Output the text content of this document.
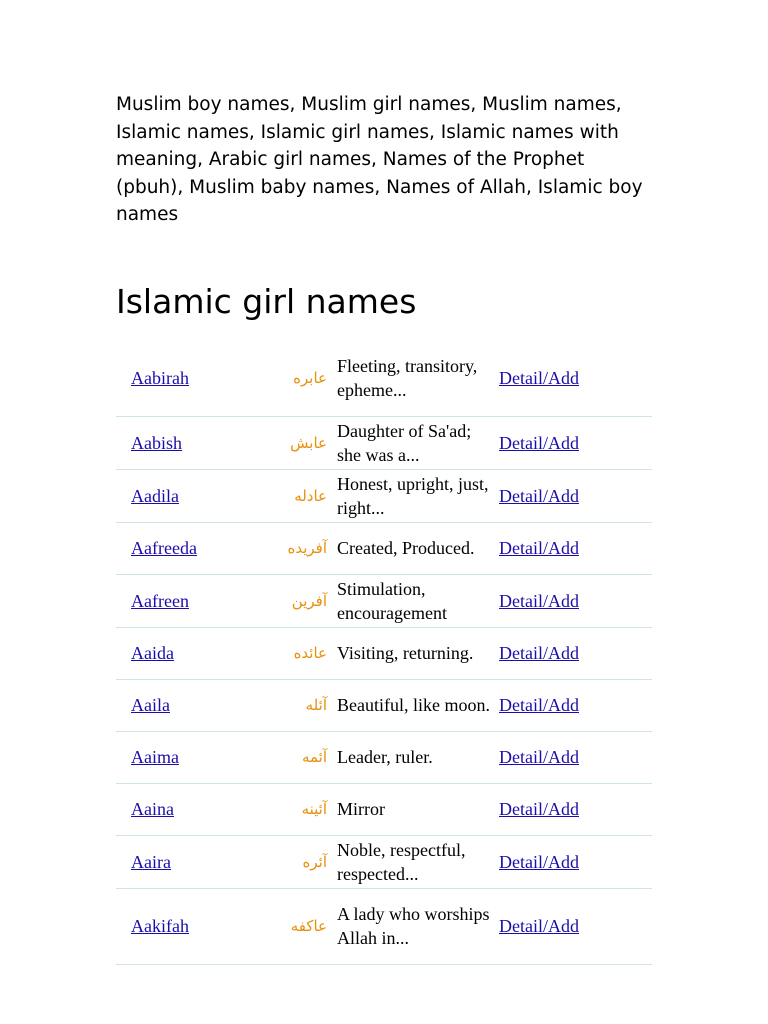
Muslim boy names, Muslim girl names, Muslim names, Islamic names, Islamic girl names, Islamic names with meaning, Arabic girl names, Names of the Prophet (pbuh), Muslim baby names, Names of Allah, Islamic boy names
Islamic girl names
Aabirah	عابره	Fleeting, transitory, epheme...	Detail/Add	
Aabish	عابش	Daughter of Sa'ad; she was a...	Detail/Add	
Aadila	عادله	Honest, upright, just, right...	Detail/Add	
Aafreeda	آفریده	Created, Produced.	Detail/Add	
Aafreen	آفرین	Stimulation, encouragement	Detail/Add	
Aaida	عائده	Visiting, returning.	Detail/Add	
Aaila	آئله	Beautiful, like moon.	Detail/Add	
Aaima	آئمه	Leader, ruler.	Detail/Add	
Aaina	آئینه	Mirror	Detail/Add	
Aaira	آئره	Noble, respectful, respected...	Detail/Add	
Aakifah	عاکفه	A lady who worships Allah in...	Detail/Add	
